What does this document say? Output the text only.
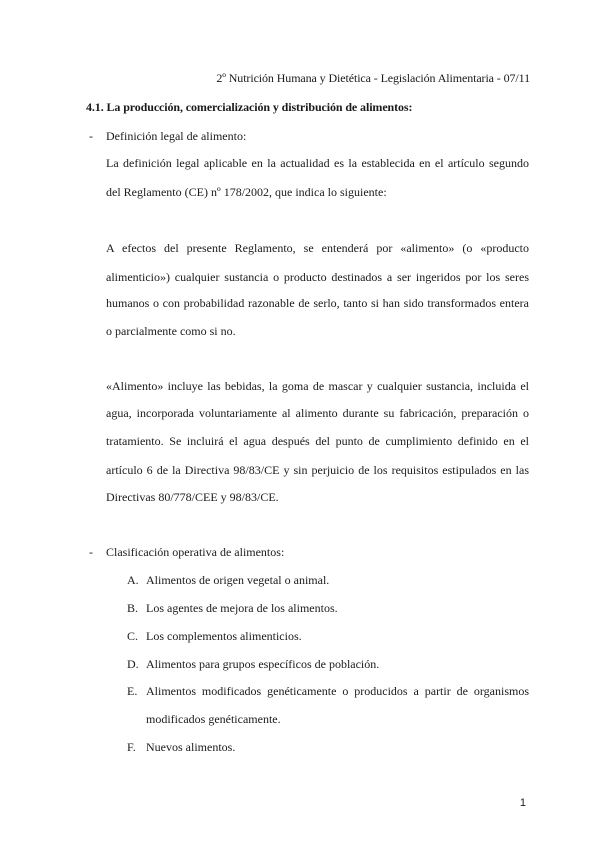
2º Nutrición Humana y Dietética - Legislación Alimentaria - 07/11
4.1. La producción, comercialización y distribución de alimentos:
- Definición legal de alimento:
La definición legal aplicable en la actualidad es la establecida en el artículo segundo
del Reglamento (CE) nº 178/2002, que indica lo siguiente:
A efectos del presente Reglamento, se entenderá por «alimento» (o «producto
alimenticio») cualquier sustancia o producto destinados a ser ingeridos por los seres
humanos o con probabilidad razonable de serlo, tanto si han sido transformados entera
o parcialmente como si no.
«Alimento» incluye las bebidas, la goma de mascar y cualquier sustancia, incluida el
agua, incorporada voluntariamente al alimento durante su fabricación, preparación o
tratamiento. Se incluirá el agua después del punto de cumplimiento definido en el
artículo 6 de la Directiva 98/83/CE y sin perjuicio de los requisitos estipulados en las
Directivas 80/778/CEE y 98/83/CE.
- Clasificación operativa de alimentos:
A. Alimentos de origen vegetal o animal.
B. Los agentes de mejora de los alimentos.
C. Los complementos alimenticios.
D. Alimentos para grupos específicos de población.
E. Alimentos modificados genéticamente o producidos a partir de organismos
modificados genéticamente.
F. Nuevos alimentos.
1
